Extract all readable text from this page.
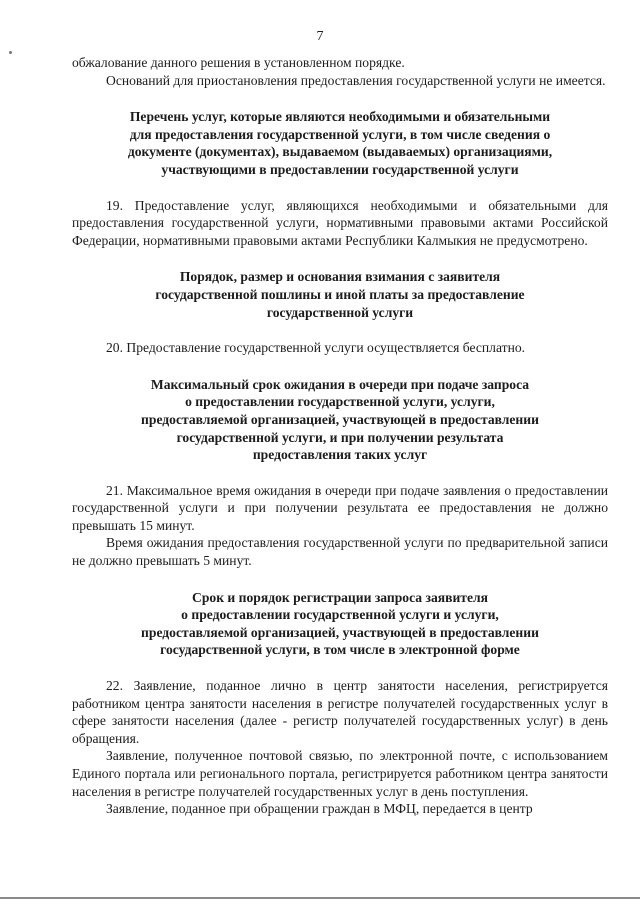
7

обжалование данного решения в установленном порядке.

Оснований для приостановления предоставления государственной услуги не имеется.

Перечень услуг, которые являются необходимыми и обязательными
для предоставления государственной услуги, в том числе сведения о
документе (документах), выдаваемом (выдаваемых) организациями,
участвующими в предоставлении государственной услуги

19. Предоставление услуг, являющихся необходимыми и обязательными для предоставления государственной услуги, нормативными правовыми актами Российской Федерации, нормативными правовыми актами Республики Калмыкия не предусмотрено.

Порядок, размер и основания взимания с заявителя
государственной пошлины и иной платы за предоставление
государственной услуги

20. Предоставление государственной услуги осуществляется бесплатно.

Максимальный срок ожидания в очереди при подаче запроса
о предоставлении государственной услуги, услуги,
предоставляемой организацией, участвующей в предоставлении
государственной услуги, и при получении результата
предоставления таких услуг

21. Максимальное время ожидания в очереди при подаче заявления о предоставлении государственной услуги и при получении результата ее предоставления не должно превышать 15 минут.

Время ожидания предоставления государственной услуги по предварительной записи не должно превышать 5 минут.

Срок и порядок регистрации запроса заявителя
о предоставлении государственной услуги и услуги,
предоставляемой организацией, участвующей в предоставлении
государственной услуги, в том числе в электронной форме

22. Заявление, поданное лично в центр занятости населения, регистрируется работником центра занятости населения в регистре получателей государственных услуг в сфере занятости населения (далее - регистр получателей государственных услуг) в день обращения.

Заявление, полученное почтовой связью, по электронной почте, с использованием Единого портала или регионального портала, регистрируется работником центра занятости населения в регистре получателей государственных услуг в день поступления.

Заявление, поданное при обращении граждан в МФЦ, передается в центр
